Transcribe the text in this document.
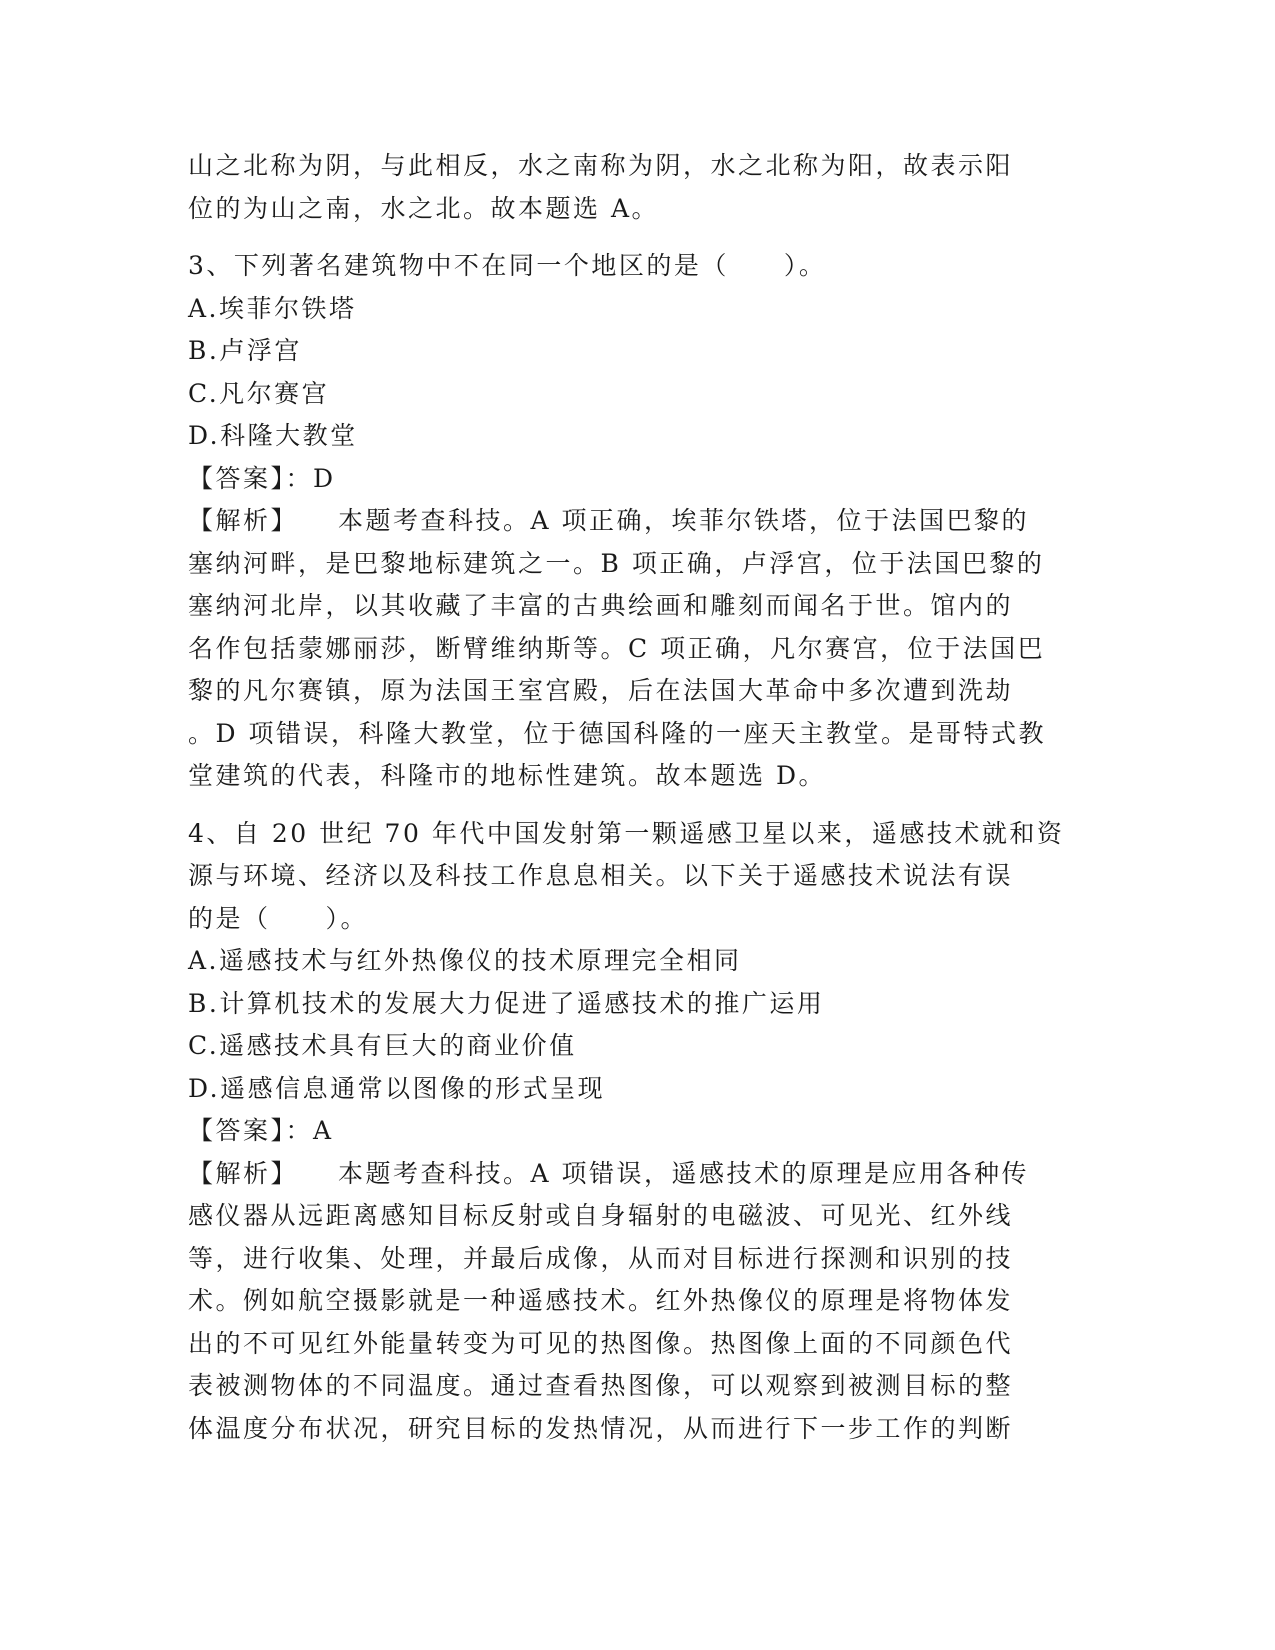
山之北称为阴，与此相反，水之南称为阴，水之北称为阳，故表示阳
位的为山之南，水之北。故本题选 A。
3、下列著名建筑物中不在同一个地区的是（　　）。
A.埃菲尔铁塔
B.卢浮宫
C.凡尔赛宫
D.科隆大教堂
【答案】：D
【解析】 本题考查科技。A 项正确，埃菲尔铁塔，位于法国巴黎的
塞纳河畔，是巴黎地标建筑之一。B 项正确，卢浮宫，位于法国巴黎的
塞纳河北岸，以其收藏了丰富的古典绘画和雕刻而闻名于世。馆内的
名作包括蒙娜丽莎，断臂维纳斯等。C 项正确，凡尔赛宫，位于法国巴
黎的凡尔赛镇，原为法国王室宫殿，后在法国大革命中多次遭到洗劫
。D 项错误，科隆大教堂，位于德国科隆的一座天主教堂。是哥特式教
堂建筑的代表，科隆市的地标性建筑。故本题选 D。
4、自 20 世纪 70 年代中国发射第一颗遥感卫星以来，遥感技术就和资
源与环境、经济以及科技工作息息相关。以下关于遥感技术说法有误
的是（　　）。
A.遥感技术与红外热像仪的技术原理完全相同
B.计算机技术的发展大力促进了遥感技术的推广运用
C.遥感技术具有巨大的商业价值
D.遥感信息通常以图像的形式呈现
【答案】：A
【解析】 本题考查科技。A 项错误，遥感技术的原理是应用各种传
感仪器从远距离感知目标反射或自身辐射的电磁波、可见光、红外线
等，进行收集、处理，并最后成像，从而对目标进行探测和识别的技
术。例如航空摄影就是一种遥感技术。红外热像仪的原理是将物体发
出的不可见红外能量转变为可见的热图像。热图像上面的不同颜色代
表被测物体的不同温度。通过查看热图像，可以观察到被测目标的整
体温度分布状况，研究目标的发热情况，从而进行下一步工作的判断
